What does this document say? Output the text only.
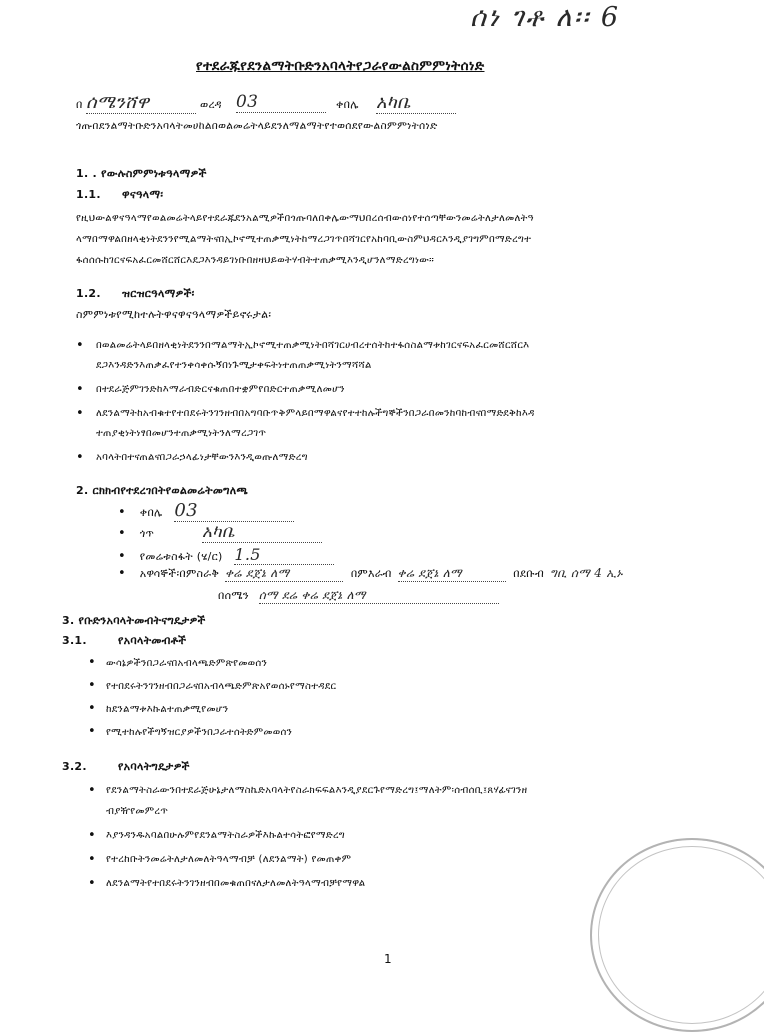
ሰነ ገቶ ለ፡፡ 6
የተደራጁየደንልማትቡድንአባላትየጋራየውልስምምነትሰነድ
በ ሰሜንሸዋ	ወረዳ 03	ቀበሌ አካቤ
ጎጡበደንልማትቡድንአባላትመሀከልበወልመሬትላይደንለማልማትየተወሰደየውልስምምነትሰነድ
1. . የውሉስምምነቱዓላማዎች
1.1. ዋናዓላማ፡
የዚህውልዋናዓላማየወልመሬትላይየተደራጁደንአልሚዎችበጎጡባለበቀሌውማህበረሰብውሰነየተሰጣቸውንመሬትለታለመለትዓ
ላማበማዋልበዘላቂነትደንንየሚልማትናበኢኮኖሚተጠቃሚነትከማረጋገጥበሻገርየአከባቢውስምህዳርእንዲያገግምበማድረግተ
ፋሰሰሱከገርናፍአፈርመሸርሸርእደጋእንዳይገነቡበዘዛህይወትሃብትተጠቃሚእንዲሆንለማድረግነው።
1.2. ዝርዝርዓላማዎች፡
ስምምነቱየሚከተሉትዋናዋናዓላማዎችይኖሩታል፡
• በወልመሬትላይበዘላቂነትደንንበማልማትኢኮኖሚተጠቃሚነትበሻገርሀብረተሰትከተፋሰስልማቱከገርናፍአፈርመሸርሸርእ
ደጋእንዳድንእጠቃፈየተንቀሳቀሱኝበነጉሚታቀፍትነተጠጠቃሚነትንማሻሻል
• በተደራጅምገንድከእማራብድርናቁጠበተቋምየበድርተጠቃሚለመሆን
• ለደንልማትከአብቁተየተበደሩትንገንዘብበአግባቡጥቅምላይበማዋልናየተተከሉችግኞችንበጋራበመንከባከብናበማድደቅከእዳ
ተጠያቂነትነፃበመሆንተጠቃሚነትንለማረጋገጥ
• አባላትበተናጠልናበጋራኃላፊነታቸውንእንዲወጡለማድረግ
2. ርክክብየተደረገበትየወልመሬትመግለጫ
• ቀበሌ 03
• ጎጥ	አካቤ
• የመሬቱስፋት (ሄ/ር) 1.5
• አዋሳኞች፡በምስራቅ ቀሬ ደጀኔ ለማ	በምእራብ ቀሬ ደጀኔ ለማ	በደቡብ ግቢ ሰማ 4 ኢኑ
በሰሜን ሰማ ደሬ ቀሬ ደጀኔ ለማ
3. የቡድንአባላትመብትናግዴታዎች
3.1.	የአባላትመብቶች
• ውሳኔዎችንበጋራናበአብላጫድምጽየመወሰን
• የተበደሩትንገንዘብበጋራናበአብላጫድምጽአየወሰኑየማስተዳደር
• ከደንልማቱእኩልተጠቃሚየመሆን
• የሚተከሉየችግኝዝርያዎችንበጋራተሰትድምመወሰን
3.2.	የአባላትግዴታዎች
• የደንልማትስራውንበተደራጅሁኔታለማስኬድአባላትየስራክፍፍልእንዲያደርጉየማድረግ፤ማለትም፡ሰብሰቢ፤ጸሃፊናገንዘ
ብያዥየመምረጥ
• እያንዳንዱአባልበሁሉምየደንልማትስራዎችእኩልተሳትፎየማድረግ
• የተረከቡትንመሬትለታለመለትዓላማብቻ (ለደንልማት) የመጠቀም
• ለደንልማትየተበደሩትንገንዘብበመቁጠበናለታለመለትዓላማብቻየማዋል
1
